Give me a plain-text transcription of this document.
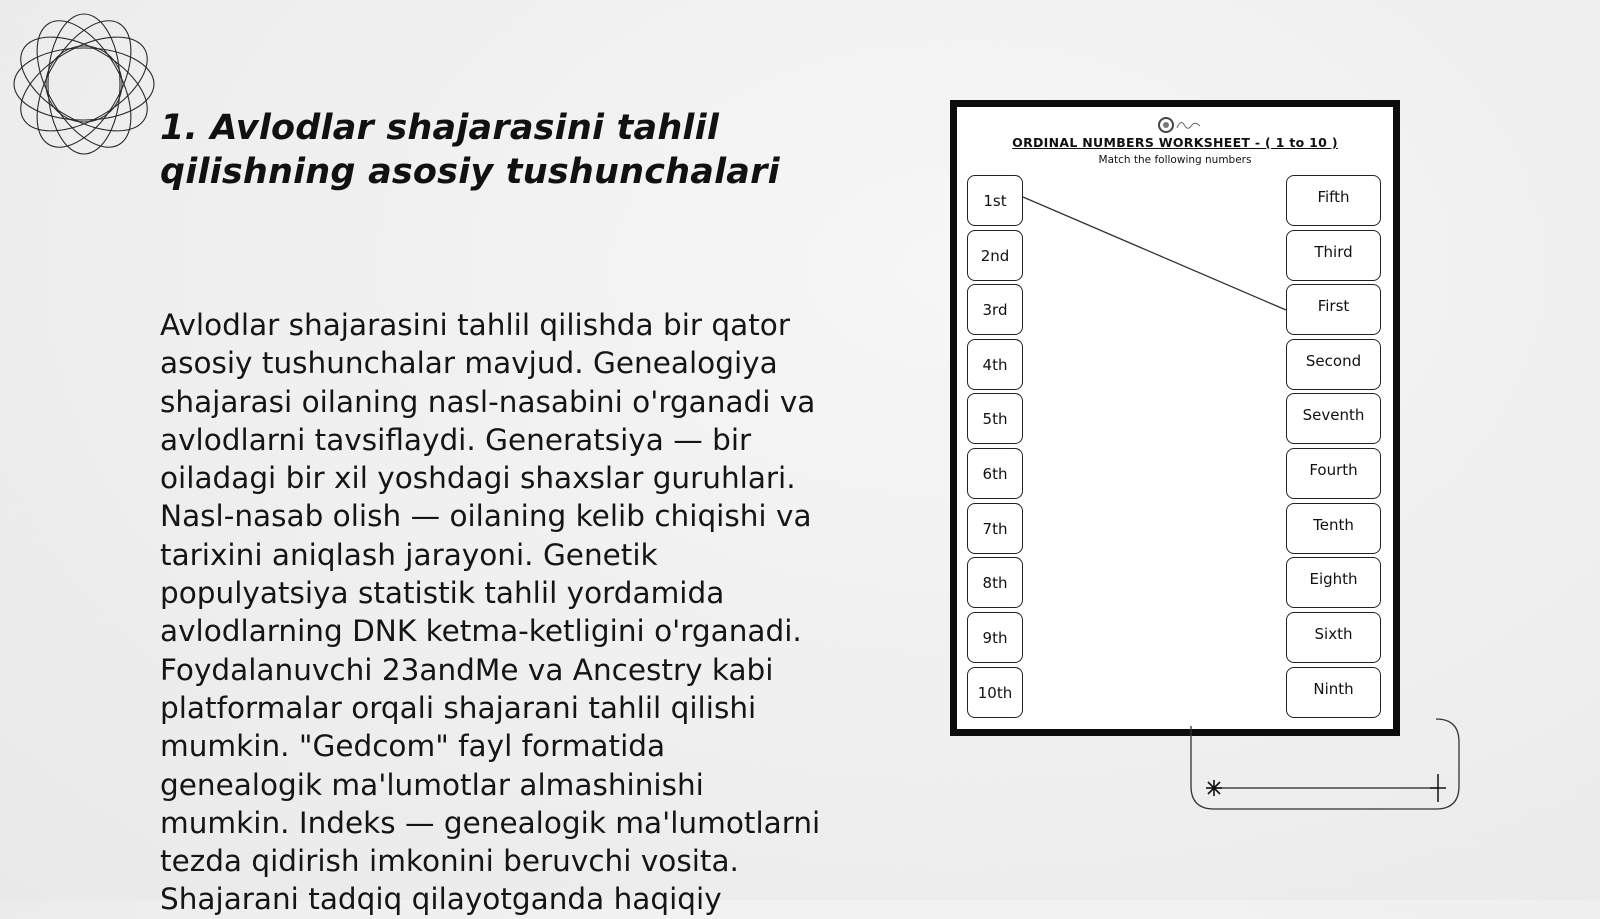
1. Avlodlar shajarasini tahlil
qilishning asosiy tushunchalari

Avlodlar shajarasini tahlil qilishda bir qator
asosiy tushunchalar mavjud. Genealogiya
shajarasi oilaning nasl-nasabini o'rganadi va
avlodlarni tavsiflaydi. Generatsiya — bir
oiladagi bir xil yoshdagi shaxslar guruhlari.
Nasl-nasab olish — oilaning kelib chiqishi va
tarixini aniqlash jarayoni. Genetik
populyatsiya statistik tahlil yordamida
avlodlarning DNK ketma-ketligini o'rganadi.
Foydalanuvchi 23andMe va Ancestry kabi
platformalar orqali shajarani tahlil qilishi
mumkin. "Gedcom" fayl formatida
genealogik ma'lumotlar almashinishi
mumkin. Indeks — genealogik ma'lumotlarni
tezda qidirish imkonini beruvchi vosita.
Shajarani tadqiq qilayotganda haqiqiy

ORDINAL NUMBERS WORKSHEET - ( 1 to 10 )
Match the following numbers
1st
2nd
3rd
4th
5th
6th
7th
8th
9th
10th
Fifth
Third
First
Second
Seventh
Fourth
Tenth
Eighth
Sixth
Ninth
